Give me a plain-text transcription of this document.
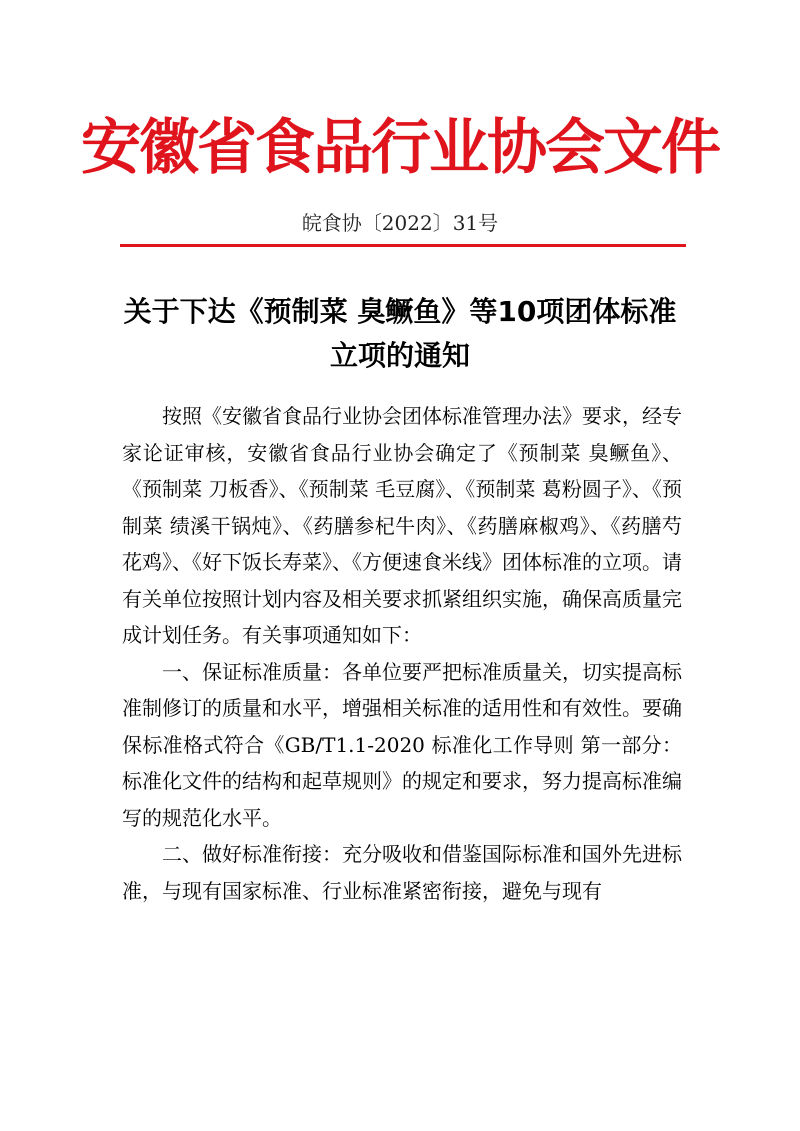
安徽省食品行业协会文件
皖食协〔2022〕31号
关于下达《预制菜 臭鳜鱼》等10项团体标准立项的通知

按照《安徽省食品行业协会团体标准管理办法》要求，经专家论证审核，安徽省食品行业协会确定了《预制菜 臭鳜鱼》、《预制菜 刀板香》、《预制菜 毛豆腐》、《预制菜 葛粉圆子》、《预制菜 绩溪干锅炖》、《药膳参杞牛肉》、《药膳麻椒鸡》、《药膳芍花鸡》、《好下饭长寿菜》、《方便速食米线》团体标准的立项。请有关单位按照计划内容及相关要求抓紧组织实施，确保高质量完成计划任务。有关事项通知如下：

一、保证标准质量：各单位要严把标准质量关，切实提高标准制修订的质量和水平，增强相关标准的适用性和有效性。要确保标准格式符合《GB/T1.1-2020 标准化工作导则 第一部分：标准化文件的结构和起草规则》的规定和要求，努力提高标准编写的规范化水平。

二、做好标准衔接：充分吸收和借鉴国际标准和国外先进标准，与现有国家标准、行业标准紧密衔接，避免与现有
